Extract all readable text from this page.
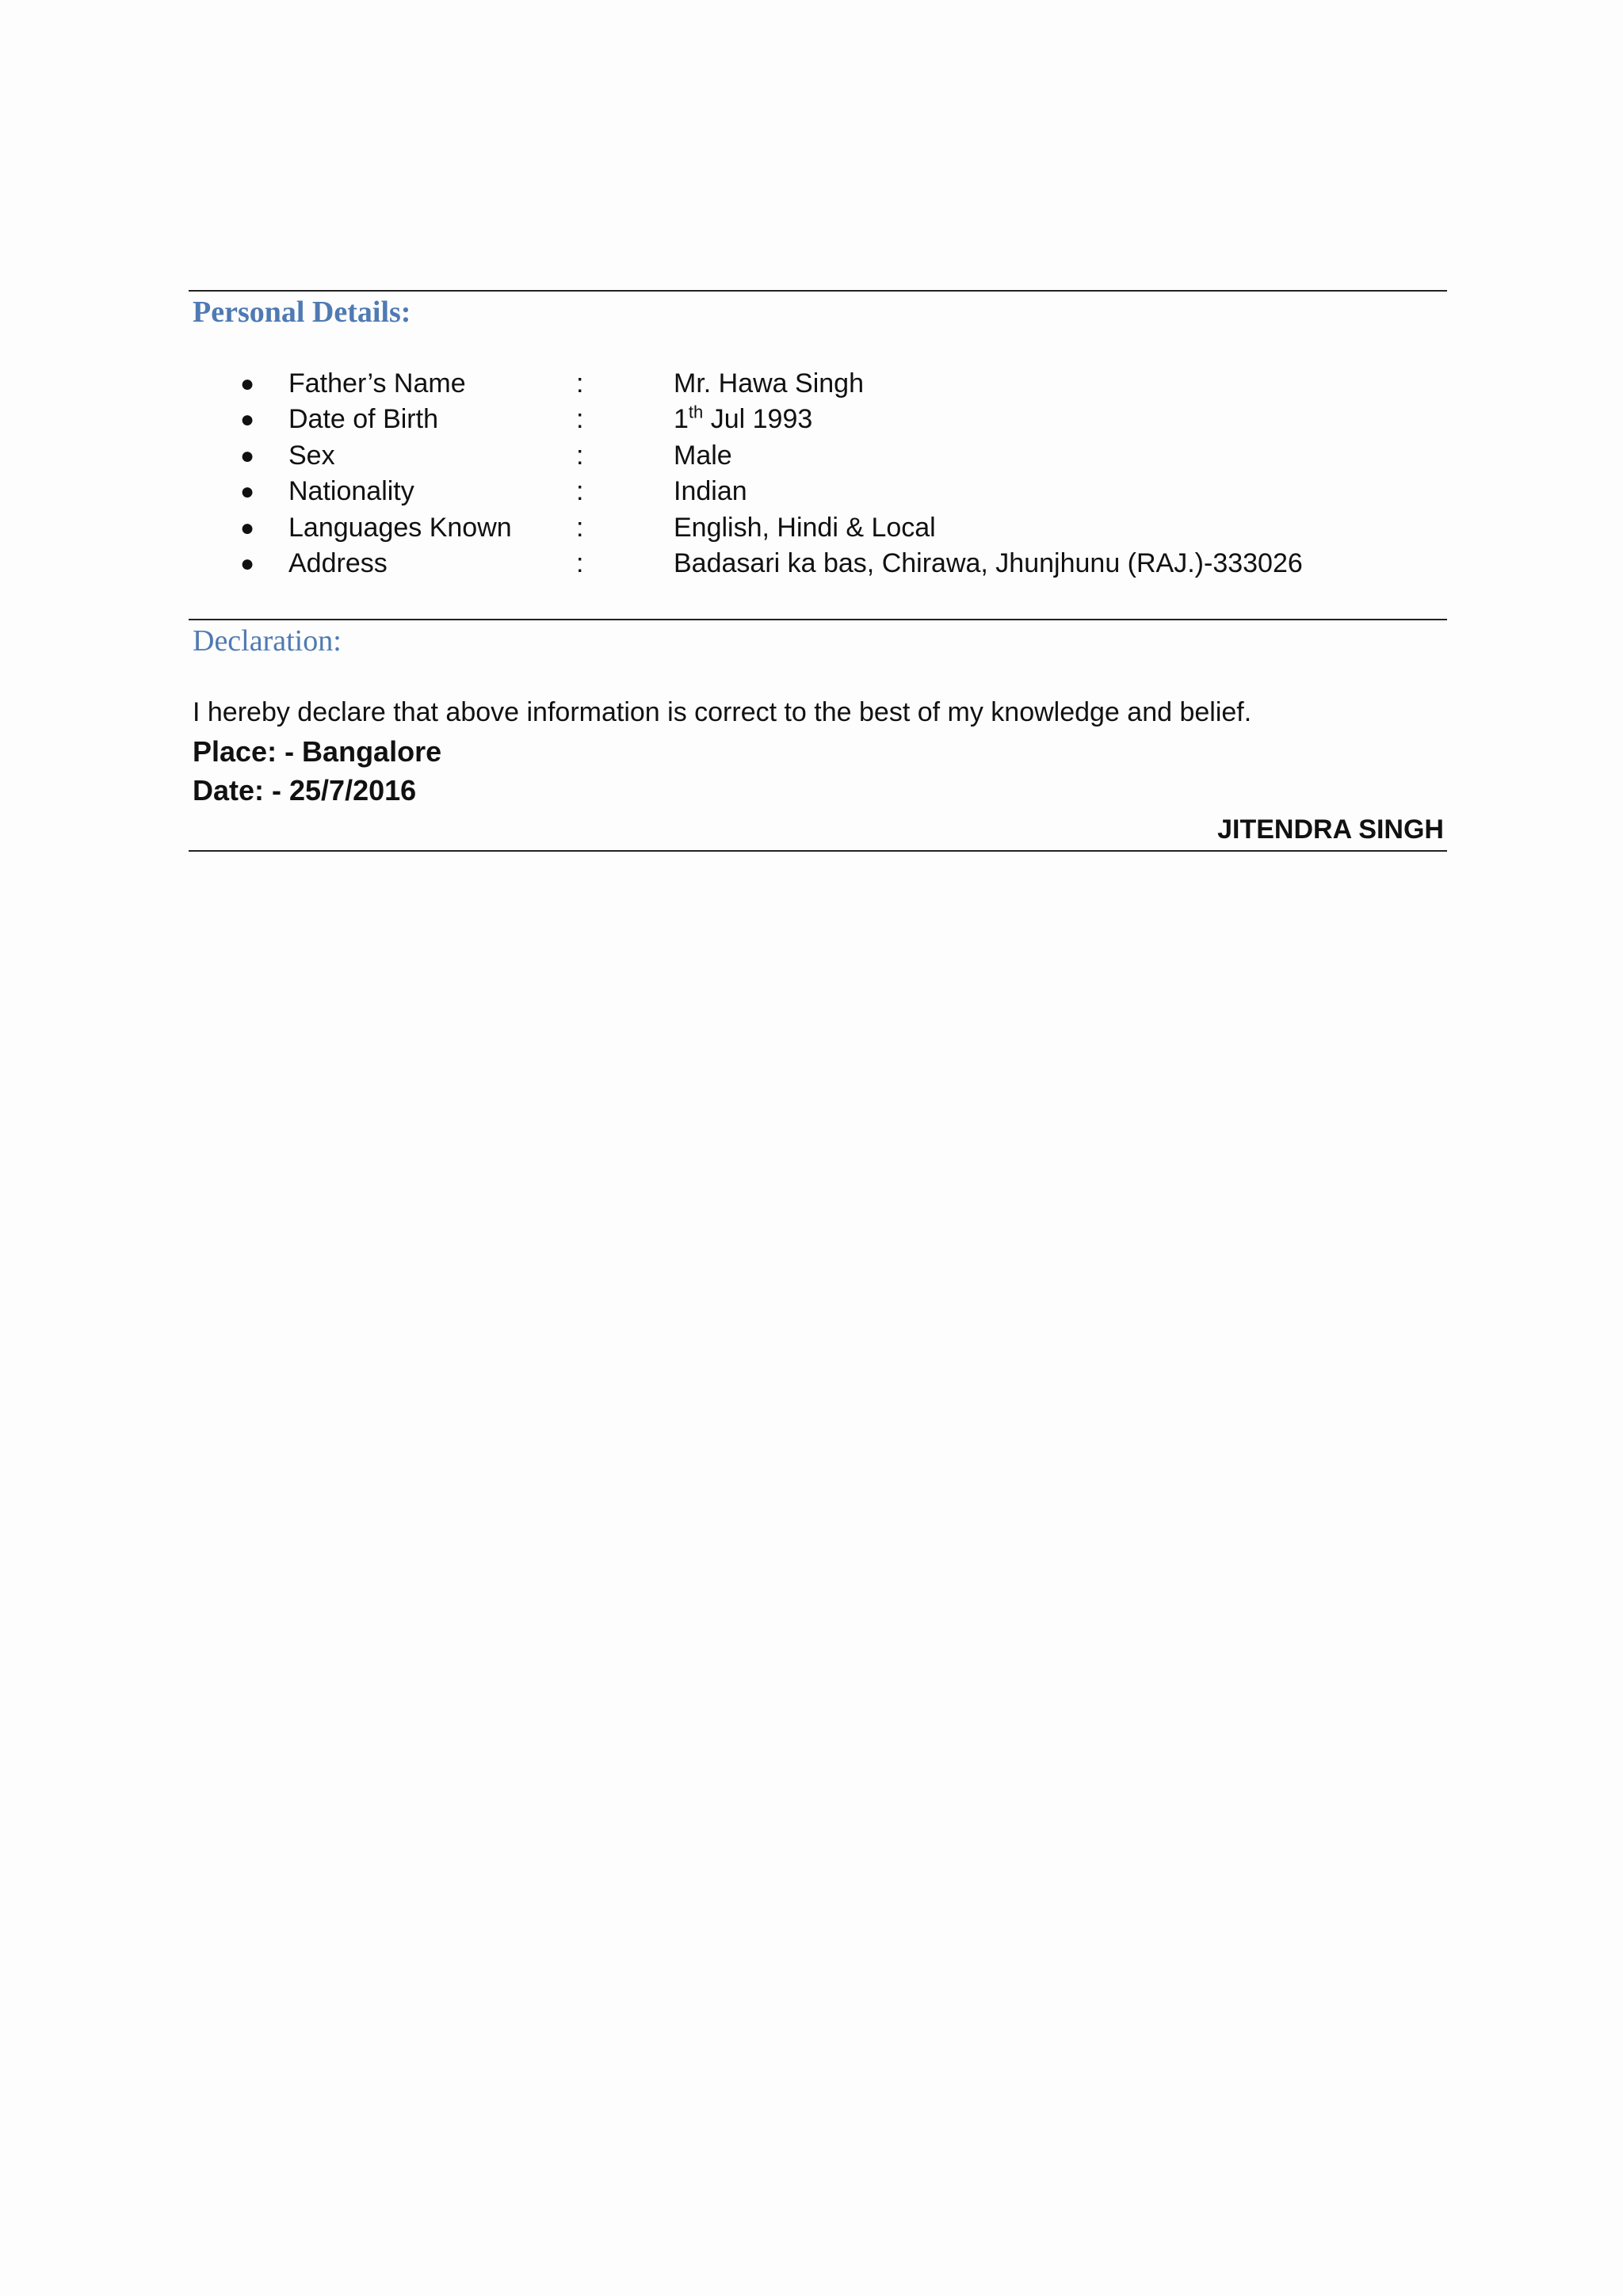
Personal Details:
● Father’s Name	:	Mr. Hawa Singh
● Date of Birth	:	1th Jul 1993
● Sex	:	Male
● Nationality	:	Indian
● Languages Known :	English, Hindi & Local
● Address	:	Badasari ka bas, Chirawa, Jhunjhunu (RAJ.)-333026
Declaration:
I hereby declare that above information is correct to the best of my knowledge and belief.
Place: - Bangalore
Date: - 25/7/2016
JITENDRA SINGH
